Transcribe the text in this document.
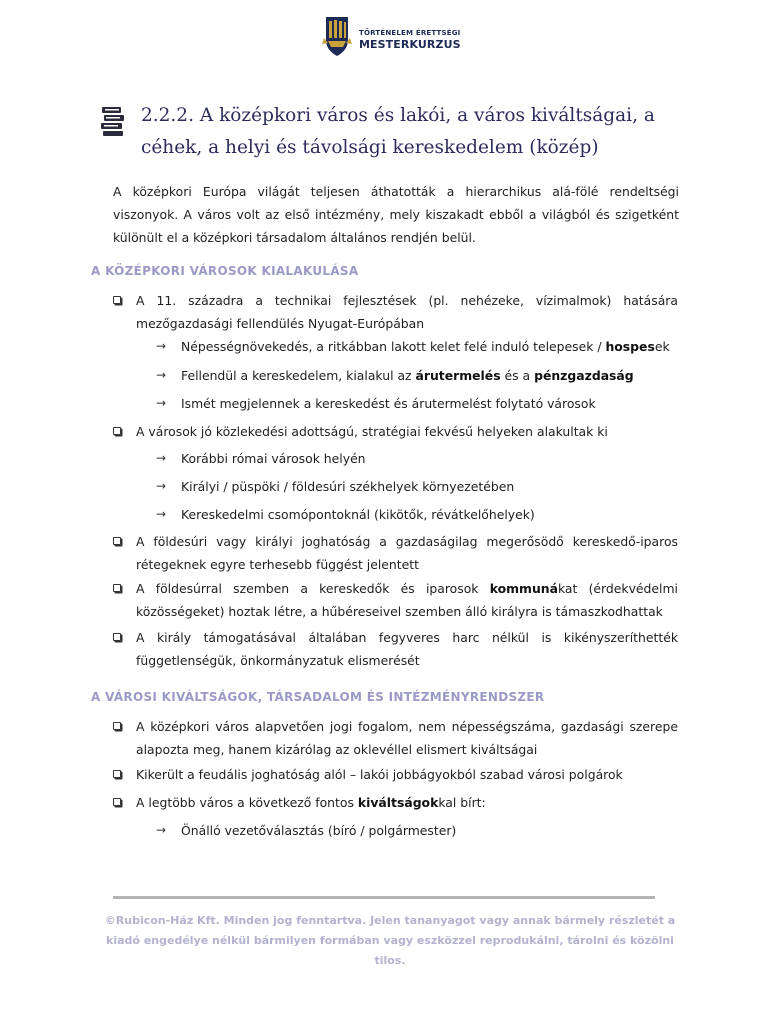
TÖRTÉNELEM ÉRETTSÉGI
MESTERKURZUS
2.2.2. A középkori város és lakói, a város kiváltságai, a céhek, a helyi és távolsági kereskedelem (közép)
A középkori Európa világát teljesen áthatották a hierarchikus alá-fölé rendeltségi viszonyok. A város volt az első intézmény, mely kiszakadt ebből a világból és szigetként különült el a középkori társadalom általános rendjén belül.
A KÖZÉPKORI VÁROSOK KIALAKULÁSA
A 11. századra a technikai fejlesztések (pl. nehézeke, vízimalmok) hatására mezőgazdasági fellendülés Nyugat-Európában
→ Népességnövekedés, a ritkábban lakott kelet felé induló telepesek / hospesek
→ Fellendül a kereskedelem, kialakul az árutermelés és a pénzgazdaság
→ Ismét megjelennek a kereskedést és árutermelést folytató városok
A városok jó közlekedési adottságú, stratégiai fekvésű helyeken alakultak ki
→ Korábbi római városok helyén
→ Királyi / püspöki / földesúri székhelyek környezetében
→ Kereskedelmi csomópontoknál (kikötők, révátkelőhelyek)
A földesúri vagy királyi joghatóság a gazdaságilag megerősödő kereskedő-iparos rétegeknek egyre terhesebb függést jelentett
A földesúrral szemben a kereskedők és iparosok kommunákat (érdekvédelmi közösségeket) hoztak létre, a hűbéreseivel szemben álló királyra is támaszkodhattak
A király támogatásával általában fegyveres harc nélkül is kikényszeríthették függetlenségük, önkormányzatuk elismerését
A VÁROSI KIVÁLTSÁGOK, TÁRSADALOM ÉS INTÉZMÉNYRENDSZER
A középkori város alapvetően jogi fogalom, nem népességszáma, gazdasági szerepe alapozta meg, hanem kizárólag az oklevéllel elismert kiváltságai
Kikerült a feudális joghatóság alól – lakói jobbágyokból szabad városi polgárok
A legtöbb város a következő fontos kiváltságokkal bírt:
→ Önálló vezetőválasztás (bíró / polgármester)
©Rubicon-Ház Kft. Minden jog fenntartva. Jelen tananyagot vagy annak bármely részletét a kiadó engedélye nélkül bármilyen formában vagy eszközzel reprodukálni, tárolni és közölni tilos.
